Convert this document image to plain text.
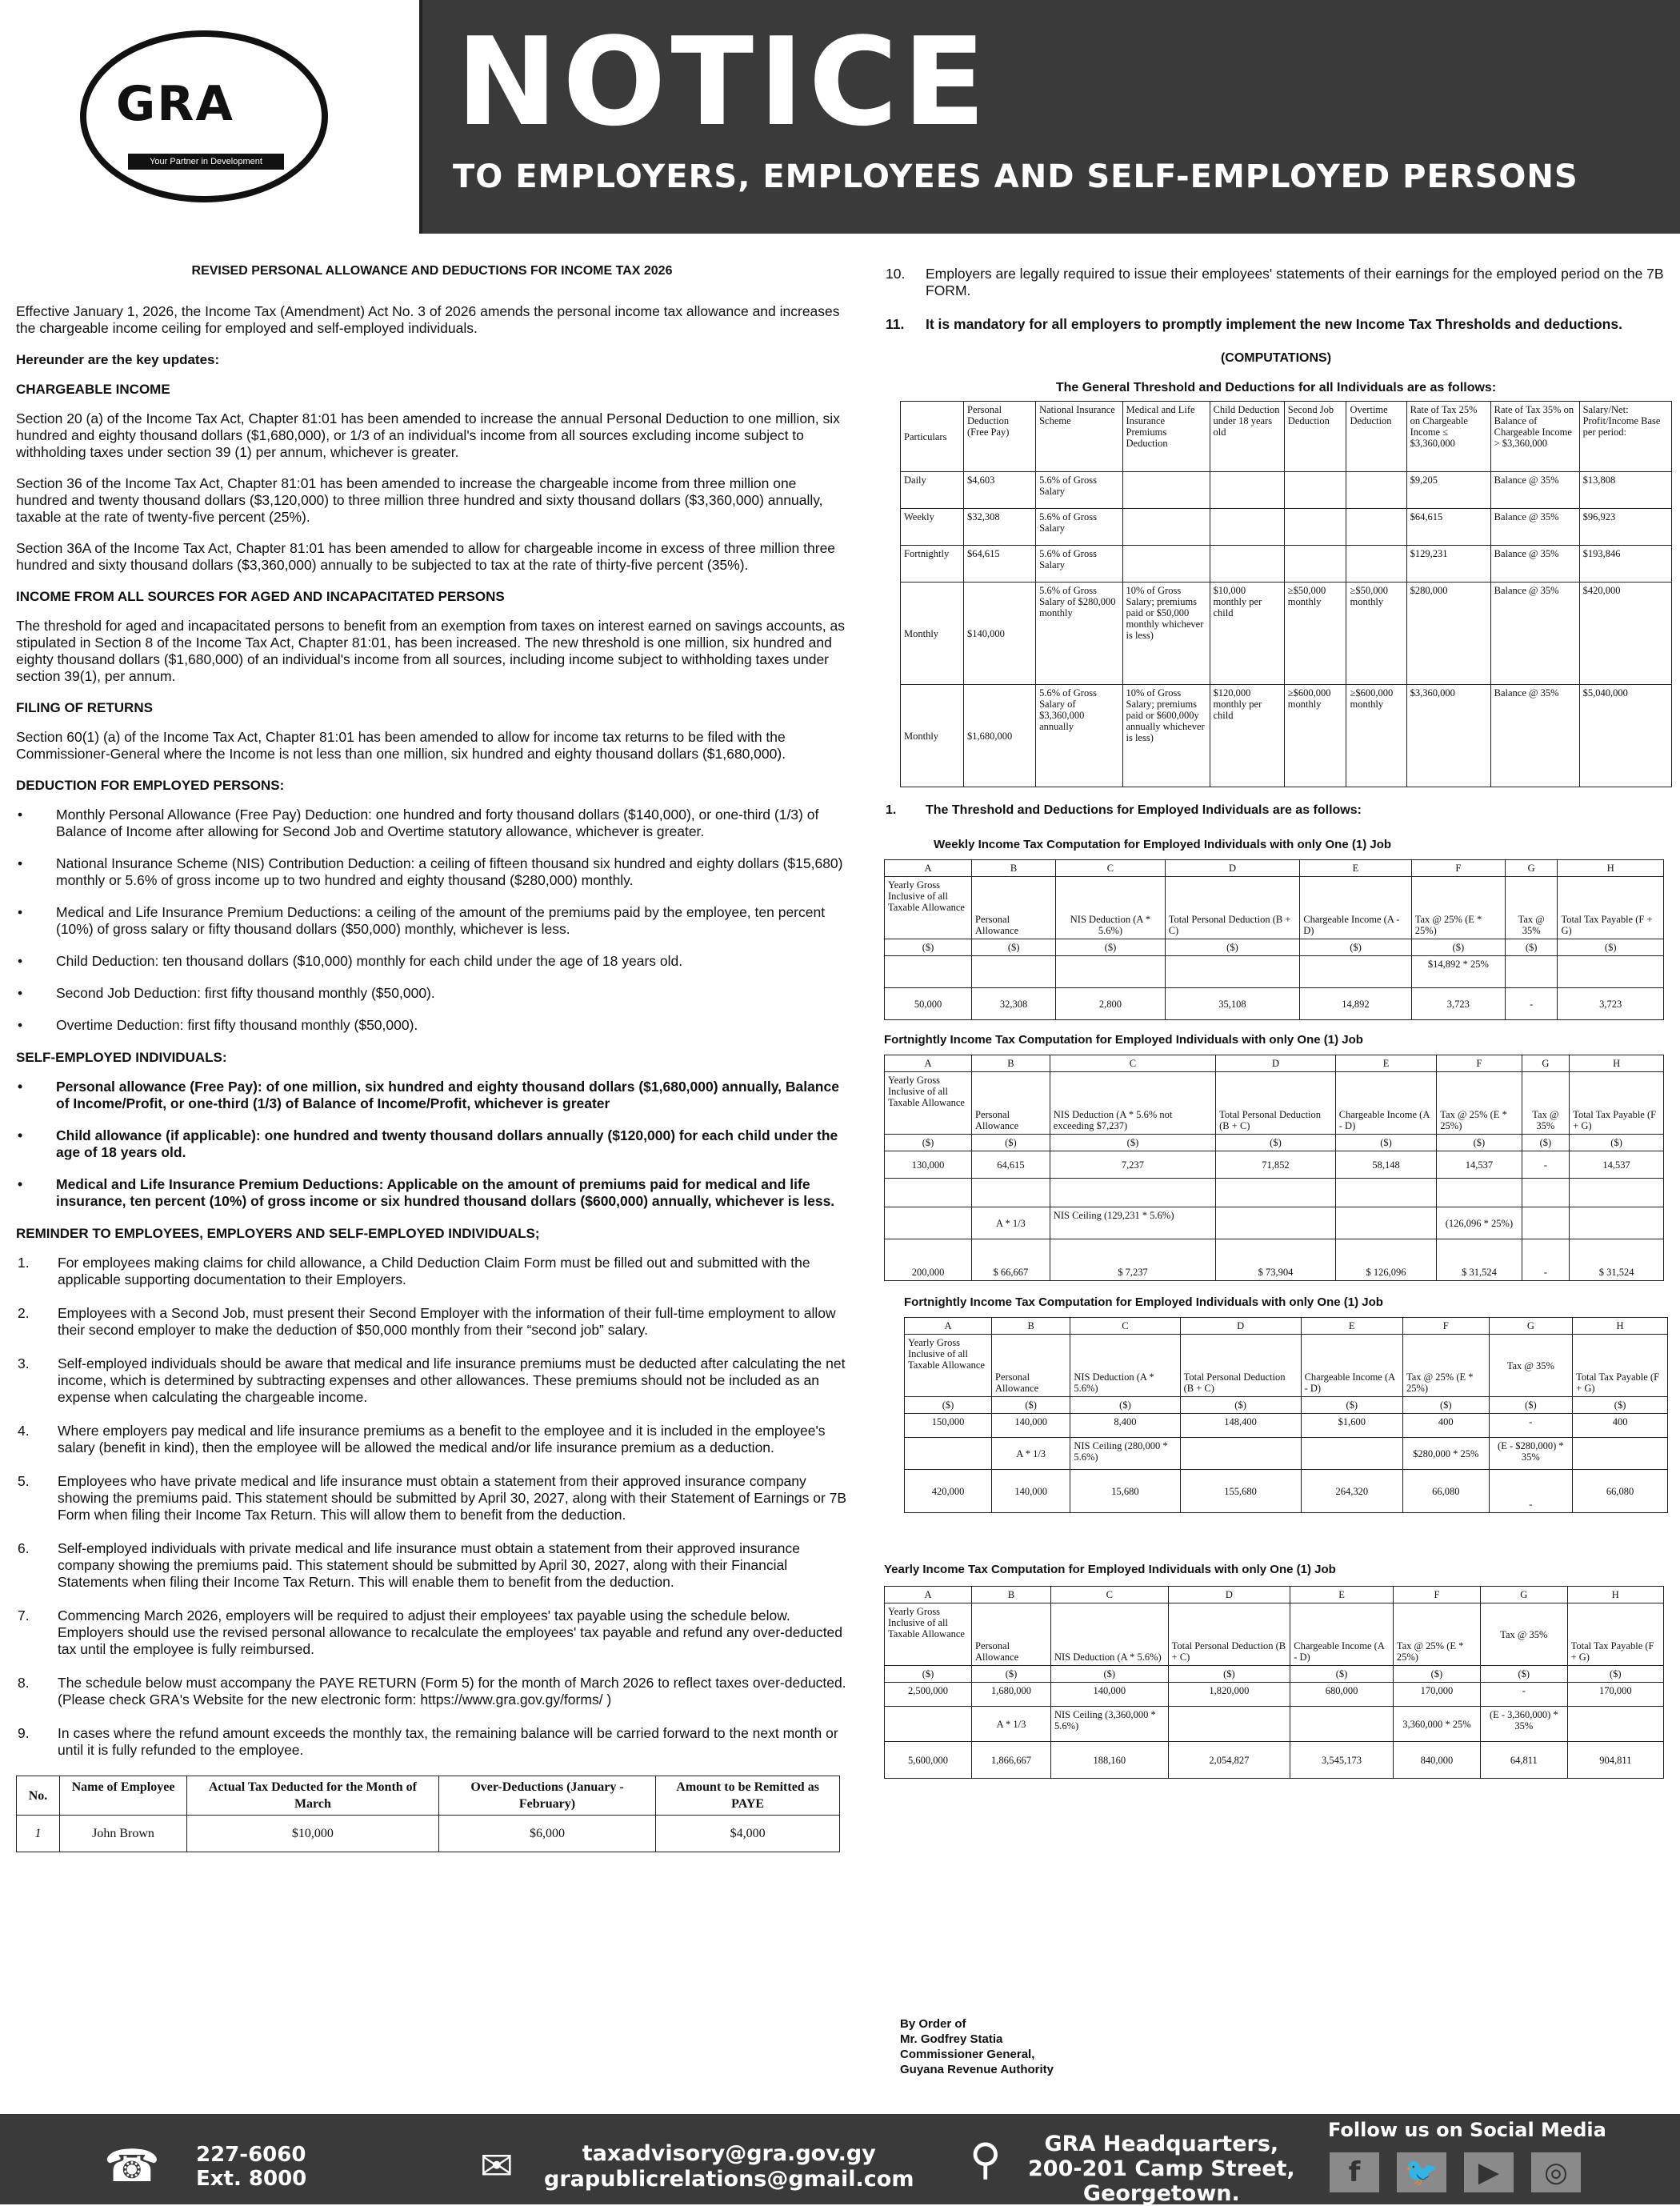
GRA
Your Partner in Development
NOTICE
TO EMPLOYERS, EMPLOYEES AND SELF-EMPLOYED PERSONS
REVISED PERSONAL ALLOWANCE AND DEDUCTIONS FOR INCOME TAX 2026

Effective January 1, 2026, the Income Tax (Amendment) Act No. 3 of 2026 amends the personal income tax allowance and increases the chargeable income ceiling for employed and self-employed individuals.

Hereunder are the key updates:
CHARGEABLE INCOME

Section 20 (a) of the Income Tax Act, Chapter 81:01 has been amended to increase the annual Personal Deduction to one million, six hundred and eighty thousand dollars ($1,680,000), or 1/3 of an individual's income from all sources excluding income subject to withholding taxes under section 39 (1) per annum, whichever is greater.

Section 36 of the Income Tax Act, Chapter 81:01 has been amended to increase the chargeable income from three million one hundred and twenty thousand dollars ($3,120,000) to three million three hundred and sixty thousand dollars ($3,360,000) annually, taxable at the rate of twenty-five percent (25%).

Section 36A of the Income Tax Act, Chapter 81:01 has been amended to allow for chargeable income in excess of three million three hundred and sixty thousand dollars ($3,360,000) annually to be subjected to tax at the rate of thirty-five percent (35%).

INCOME FROM ALL SOURCES FOR AGED AND INCAPACITATED PERSONS

The threshold for aged and incapacitated persons to benefit from an exemption from taxes on interest earned on savings accounts, as stipulated in Section 8 of the Income Tax Act, Chapter 81:01, has been increased. The new threshold is one million, six hundred and eighty thousand dollars ($1,680,000) of an individual's income from all sources, including income subject to withholding taxes under section 39(1), per annum.

FILING OF RETURNS

Section 60(1) (a) of the Income Tax Act, Chapter 81:01 has been amended to allow for income tax returns to be filed with the Commissioner-General where the Income is not less than one million, six hundred and eighty thousand dollars ($1,680,000).

DEDUCTION FOR EMPLOYED PERSONS:
• Monthly Personal Allowance (Free Pay) Deduction: one hundred and forty thousand dollars ($140,000), or one-third (1/3) of Balance of Income after allowing for Second Job and Overtime statutory allowance, whichever is greater.
• National Insurance Scheme (NIS) Contribution Deduction: a ceiling of fifteen thousand six hundred and eighty dollars ($15,680) monthly or 5.6% of gross income up to two hundred and eighty thousand ($280,000) monthly.
• Medical and Life Insurance Premium Deductions: a ceiling of the amount of the premiums paid by the employee, ten percent (10%) of gross salary or fifty thousand dollars ($50,000) monthly, whichever is less.
• Child Deduction: ten thousand dollars ($10,000) monthly for each child under the age of 18 years old.
• Second Job Deduction: first fifty thousand monthly ($50,000).
• Overtime Deduction: first fifty thousand monthly ($50,000).
SELF-EMPLOYED INDIVIDUALS:
• Personal allowance (Free Pay): of one million, six hundred and eighty thousand dollars ($1,680,000) annually, Balance of Income/Profit, or one-third (1/3) of Balance of Income/Profit, whichever is greater
• Child allowance (if applicable): one hundred and twenty thousand dollars annually ($120,000) for each child under the age of 18 years old.
• Medical and Life Insurance Premium Deductions: Applicable on the amount of premiums paid for medical and life insurance, ten percent (10%) of gross income or six hundred thousand dollars ($600,000) annually, whichever is less.
REMINDER TO EMPLOYEES, EMPLOYERS AND SELF-EMPLOYED INDIVIDUALS;
1. For employees making claims for child allowance, a Child Deduction Claim Form must be filled out and submitted with the applicable supporting documentation to their Employers.
2. Employees with a Second Job, must present their Second Employer with the information of their full-time employment to allow their second employer to make the deduction of $50,000 monthly from their “second job” salary.
3. Self-employed individuals should be aware that medical and life insurance premiums must be deducted after calculating the net income, which is determined by subtracting expenses and other allowances. These premiums should not be included as an expense when calculating the chargeable income.
4. Where employers pay medical and life insurance premiums as a benefit to the employee and it is included in the employee's salary (benefit in kind), then the employee will be allowed the medical and/or life insurance premium as a deduction.
5. Employees who have private medical and life insurance must obtain a statement from their approved insurance company showing the premiums paid. This statement should be submitted by April 30, 2027, along with their Statement of Earnings or 7B Form when filing their Income Tax Return. This will allow them to benefit from the deduction.
6. Self-employed individuals with private medical and life insurance must obtain a statement from their approved insurance company showing the premiums paid. This statement should be submitted by April 30, 2027, along with their Financial Statements when filing their Income Tax Return. This will enable them to benefit from the deduction.
7. Commencing March 2026, employers will be required to adjust their employees' tax payable using the schedule below. Employers should use the revised personal allowance to recalculate the employees' tax payable and refund any over-deducted tax until the employee is fully reimbursed.
8. The schedule below must accompany the PAYE RETURN (Form 5) for the month of March 2026 to reflect taxes over-deducted. (Please check GRA's Website for the new electronic form: https://www.gra.gov.gy/forms/ )
9. In cases where the refund amount exceeds the monthly tax, the remaining balance will be carried forward to the next month or until it is fully refunded to the employee.
No.	Name of Employee	Actual Tax Deducted for the Month of March	Over-Deductions (January - February)	Amount to be Remitted as PAYE
1	John Brown	$10,000	$6,000	$4,000
10. Employers are legally required to issue their employees' statements of their earnings for the employed period on the 7B FORM.
11. It is mandatory for all employers to promptly implement the new Income Tax Thresholds and deductions.
(COMPUTATIONS)
The General Threshold and Deductions for all Individuals are as follows:
Particulars	Personal Deduction (Free Pay)	National Insurance Scheme	Medical and Life Insurance Premiums Deduction	Child Deduction under 18 years old	Second Job Deduction	Overtime Deduction	Rate of Tax 25% on Chargeable Income ≤ $3,360,000	Rate of Tax 35% on Balance of Chargeable Income > $3,360,000	Salary/Net: Profit/Income Base per period:
Daily	$4,603	5.6% of Gross Salary					$9,205	Balance @ 35%	$13,808
Weekly	$32,308	5.6% of Gross Salary					$64,615	Balance @ 35%	$96,923
Fortnightly	$64,615	5.6% of Gross Salary					$129,231	Balance @ 35%	$193,846
Monthly	$140,000	5.6% of Gross Salary of $280,000 monthly	10% of Gross Salary; premiums paid or $50,000 monthly whichever is less)	$10,000 monthly per child	≥$50,000 monthly	≥$50,000 monthly	$280,000	Balance @ 35%	$420,000
Monthly	$1,680,000	5.6% of Gross Salary of $3,360,000 annually	10% of Gross Salary; premiums paid or $600,000y annually whichever is less)	$120,000 monthly per child	≥$600,000 monthly	≥$600,000 monthly	$3,360,000	Balance @ 35%	$5,040,000
1. The Threshold and Deductions for Employed Individuals are as follows:
Weekly Income Tax Computation for Employed Individuals with only One (1) Job
A	B	C	D	E	F	G	H
Yearly Gross Inclusive of all Taxable Allowance	Personal Allowance	NIS Deduction (A * 5.6%)	Total Personal Deduction (B + C)	Chargeable Income (A - D)	Tax @ 25% (E * 25%)	Tax @ 35%	Total Tax Payable (F + G)
($)	($)	($)	($)	($)	($)	($)	($)
					$14,892 * 25%		
50,000	32,308	2,800	35,108	14,892	3,723	-	3,723
Fortnightly Income Tax Computation for Employed Individuals with only One (1) Job
A	B	C	D	E	F	G	H
Yearly Gross Inclusive of all Taxable Allowance	Personal Allowance	NIS Deduction (A * 5.6% not exceeding $7,237)	Total Personal Deduction (B + C)	Chargeable Income (A - D)	Tax @ 25% (E * 25%)	Tax @ 35%	Total Tax Payable (F + G)
($)	($)	($)	($)	($)	($)	($)	($)
130,000	64,615	7,237	71,852	58,148	14,537	-	14,537

	A * 1/3	NIS Ceiling (129,231 * 5.6%)			(126,096 * 25%)		
200,000	$ 66,667	$ 7,237	$ 73,904	$ 126,096	$ 31,524	-	$ 31,524
Fortnightly Income Tax Computation for Employed Individuals with only One (1) Job
A	B	C	D	E	F	G	H
Yearly Gross Inclusive of all Taxable Allowance	Personal Allowance	NIS Deduction (A * 5.6%)	Total Personal Deduction (B + C)	Chargeable Income (A - D)	Tax @ 25% (E * 25%)	Tax @ 35%	Total Tax Payable (F + G)
($)	($)	($)	($)	($)	($)	($)	($)
150,000	140,000	8,400	148,400	$1,600	400	-	400
	A * 1/3	NIS Ceiling (280,000 * 5.6%)			$280,000 * 25%	(E - $280,000) * 35%	
420,000	140,000	15,680	155,680	264,320	66,080	-	66,080
Yearly Income Tax Computation for Employed Individuals with only One (1) Job
A	B	C	D	E	F	G	H
Yearly Gross Inclusive of all Taxable Allowance	Personal Allowance	NIS Deduction (A * 5.6%)	Total Personal Deduction (B + C)	Chargeable Income (A - D)	Tax @ 25% (E * 25%)	Tax @ 35%	Total Tax Payable (F + G)
($)	($)	($)	($)	($)	($)	($)	($)
2,500,000	1,680,000	140,000	1,820,000	680,000	170,000	-	170,000
	A * 1/3	NIS Ceiling (3,360,000 * 5.6%)			3,360,000 * 25%	(E - 3,360,000) * 35%	
5,600,000	1,866,667	188,160	2,054,827	3,545,173	840,000	64,811	904,811
By Order of
Mr. Godfrey Statia
Commissioner General,
Guyana Revenue Authority
☎ 227-6060
Ext. 8000	✉	taxadvisory@gra.gov.gy
grapublicrelations@gmail.com ⚲	GRA Headquarters,
200-201 Camp Street,
Georgetown.
Follow us on Social Media
f 🐦 ▶ ◎
